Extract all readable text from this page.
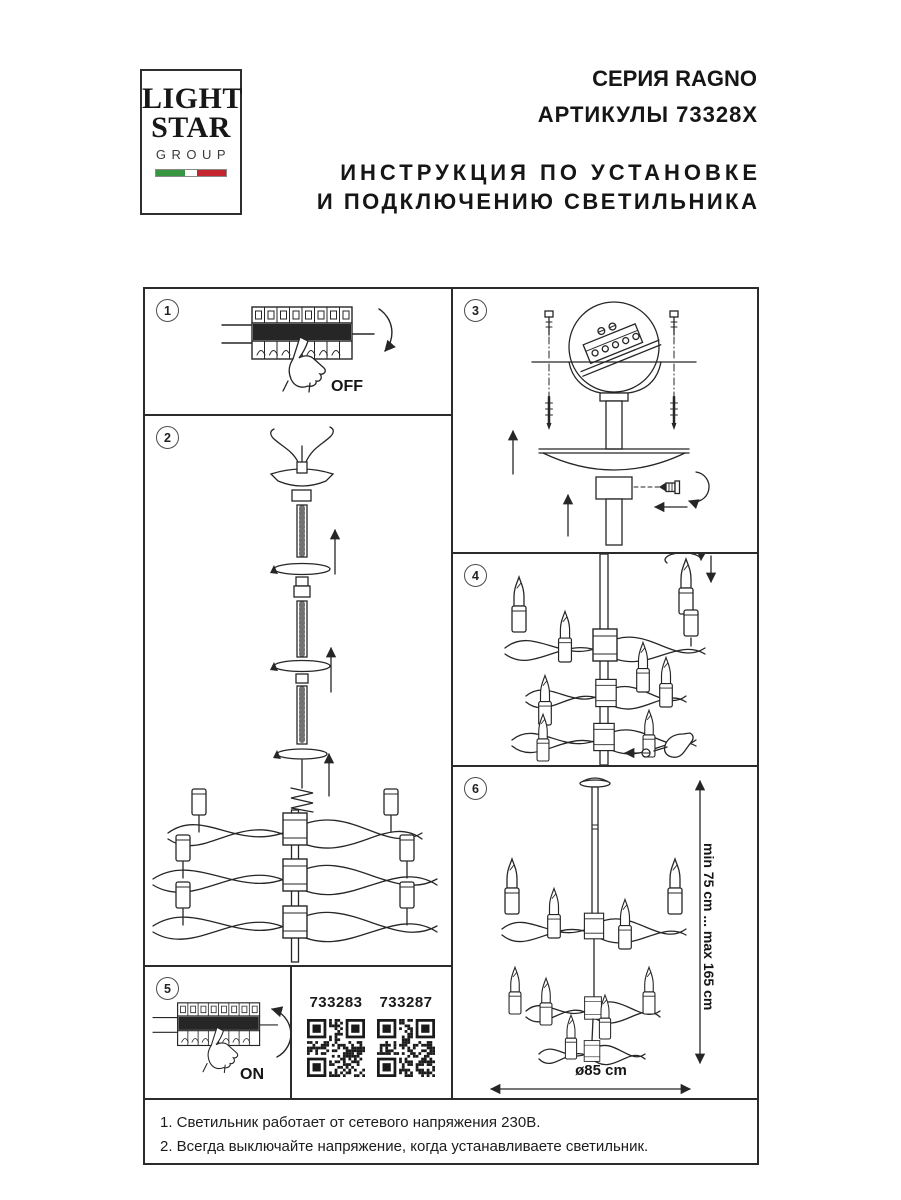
LIGHT
STAR
GROUP
СЕРИЯ RAGNO
АРТИКУЛЫ 73328X
ИНСТРУКЦИЯ ПО УСТАНОВКЕ
И ПОДКЛЮЧЕНИЮ СВЕТИЛЬНИКА
1
OFF
2
3
4
6
5
ON
733283 733287
1. Светильник работает от сетевого напряжения 230В.
2. Всегда выключайте напряжение, когда устанавливаете светильник.
min 75 cm ... max 165 cm
ø85 cm
